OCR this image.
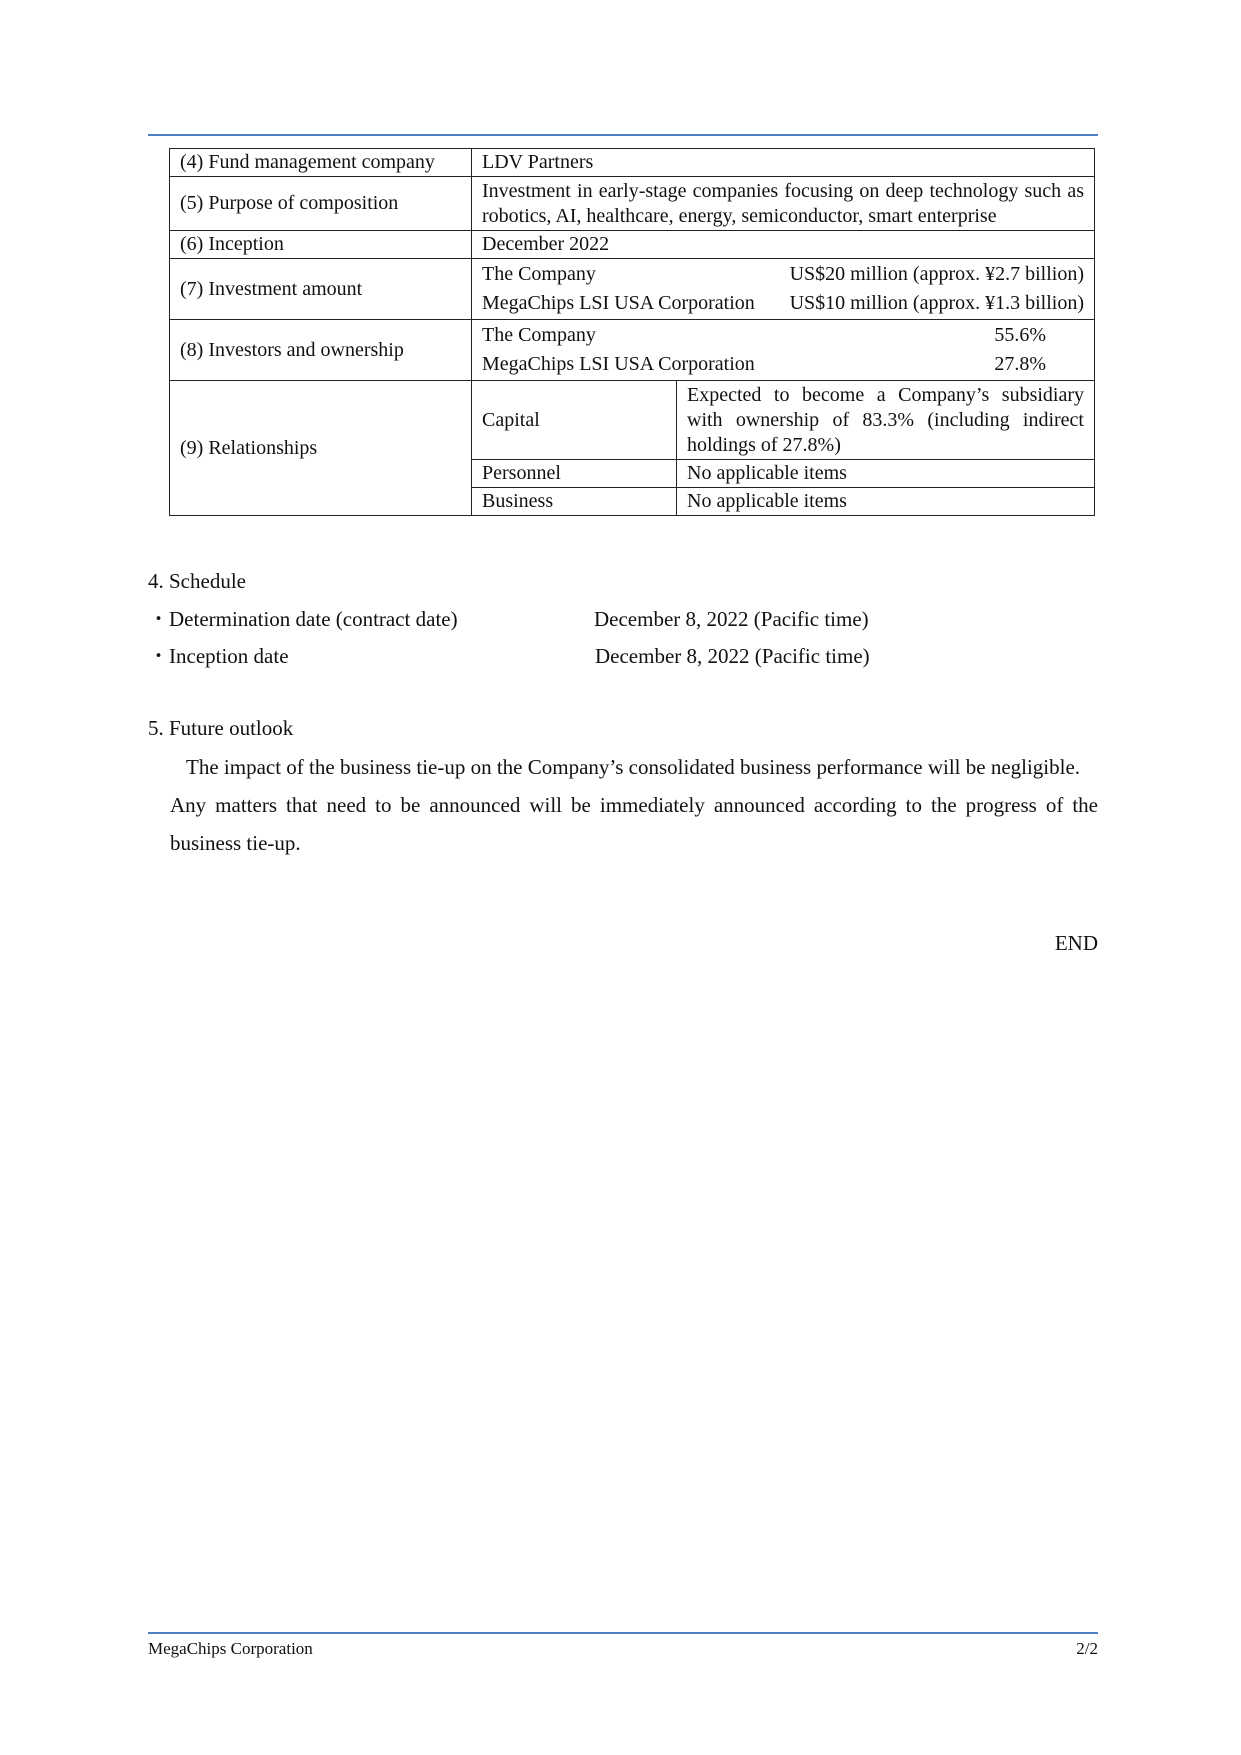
(4) Fund management company	LDV Partners	
(5) Purpose of composition	Investment in early-stage companies focusing on deep technology such as robotics, AI, healthcare, energy, semiconductor, smart enterprise	
(6) Inception	December 2022	
(7) Investment amount	The Company US$20 million (approx. ¥2.7 billion)
MegaChips LSI USA Corporation US$10 million (approx. ¥1.3 billion)	

(8) Investors and ownership	The Company 55.6%
MegaChips LSI USA Corporation 27.8%	

(9) Relationships	Capital	Expected to become a Company’s subsidiary with ownership of 83.3% (including indirect holdings of 27.8%)
	Personnel	No applicable items
	Business	No applicable items
4. Schedule
・Determination date (contract date)	December 8, 2022 (Pacific time)
・Inception date	December 8, 2022 (Pacific time)
5. Future outlook
The impact of the business tie-up on the Company’s consolidated business performance will be negligible.
Any matters that need to be announced will be immediately announced according to the progress of the
business tie-up.
END
MegaChips Corporation	2/2
